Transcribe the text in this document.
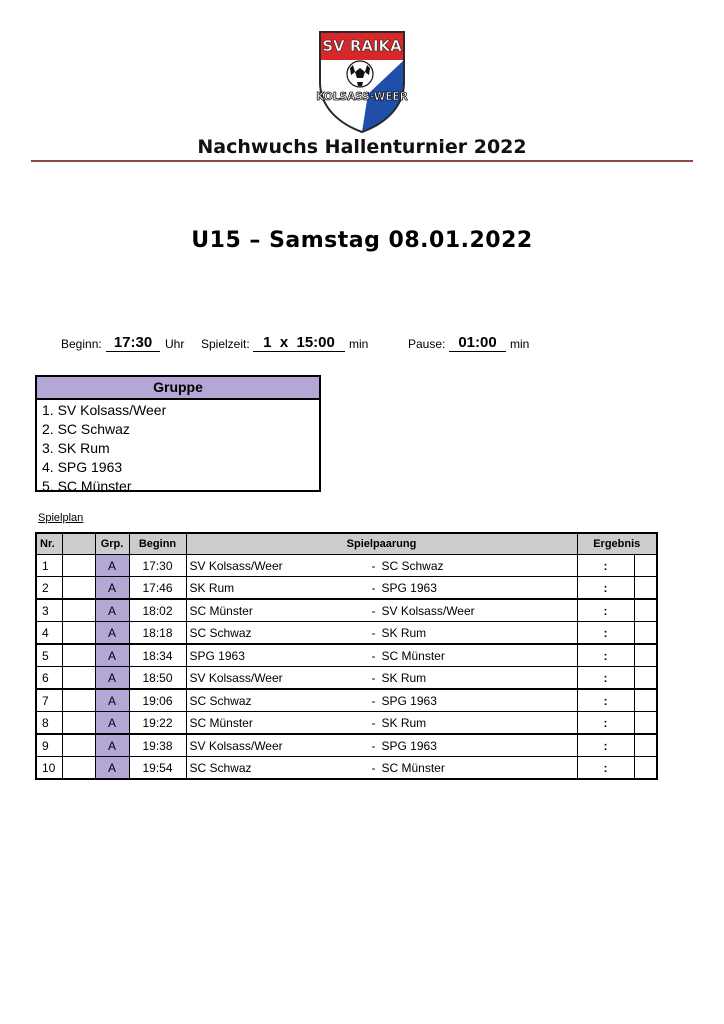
SV RAIKA
KOLSASS-WEER
Nachwuchs Hallenturnier 2022
U15 – Samstag 08.01.2022
Beginn: 17:30	Uhr Spielzeit: 1  x  15:00	min	Pause: 01:00	min
Gruppe
1. SV Kolsass/Weer
2. SC Schwaz
3. SK Rum
4. SPG 1963
5. SC Münster
Spielplan
Nr.		Grp.	Beginn	Spielpaarung	Ergebnis	
1		A	17:30	SV Kolsass/Weer - SC Schwaz	:	
2		A	17:46	SK Rum - SPG 1963	:	
3		A	18:02	SC Münster - SV Kolsass/Weer	:	
4		A	18:18	SC Schwaz - SK Rum	:	
5		A	18:34	SPG 1963 - SC Münster	:	
6		A	18:50	SV Kolsass/Weer - SK Rum	:	
7		A	19:06	SC Schwaz - SPG 1963	:	
8		A	19:22	SC Münster - SK Rum	:	
9		A	19:38	SV Kolsass/Weer - SPG 1963	:	
10		A	19:54	SC Schwaz - SC Münster	:	
